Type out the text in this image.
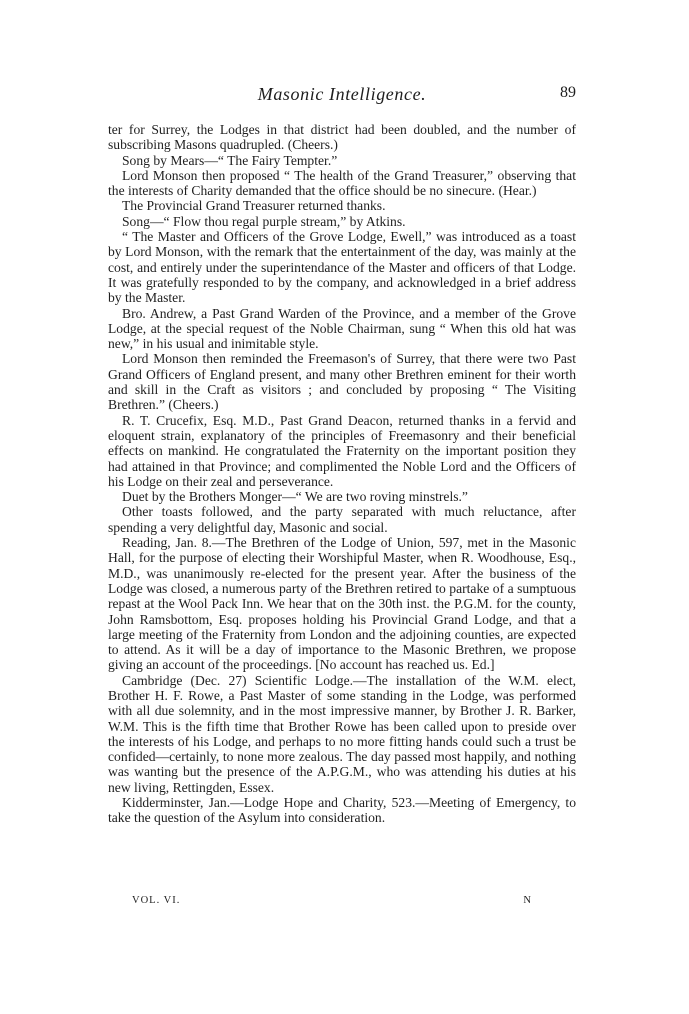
Masonic Intelligence.	89

ter for Surrey, the Lodges in that district had been doubled, and the number of subscribing Masons quadrupled. (Cheers.)

Song by Mears—“ The Fairy Tempter.”

Lord Monson then proposed “ The health of the Grand Treasurer,” observing that the interests of Charity demanded that the office should be no sinecure. (Hear.)

The Provincial Grand Treasurer returned thanks.

Song—“ Flow thou regal purple stream,” by Atkins.

“ The Master and Officers of the Grove Lodge, Ewell,” was introduced as a toast by Lord Monson, with the remark that the entertainment of the day, was mainly at the cost, and entirely under the superintendance of the Master and officers of that Lodge. It was gratefully responded to by the company, and acknowledged in a brief address by the Master.

Bro. Andrew, a Past Grand Warden of the Province, and a member of the Grove Lodge, at the special request of the Noble Chairman, sung “ When this old hat was new,” in his usual and inimitable style.

Lord Monson then reminded the Freemason's of Surrey, that there were two Past Grand Officers of England present, and many other Brethren eminent for their worth and skill in the Craft as visitors ; and concluded by proposing “ The Visiting Brethren.” (Cheers.)

R. T. Crucefix, Esq. M.D., Past Grand Deacon, returned thanks in a fervid and eloquent strain, explanatory of the principles of Freemasonry and their beneficial effects on mankind. He congratulated the Fraternity on the important position they had attained in that Province; and complimented the Noble Lord and the Officers of his Lodge on their zeal and perseverance.

Duet by the Brothers Monger—“ We are two roving minstrels.”

Other toasts followed, and the party separated with much reluctance, after spending a very delightful day, Masonic and social.

Reading, Jan. 8.—The Brethren of the Lodge of Union, 597, met in the Masonic Hall, for the purpose of electing their Worshipful Master, when R. Woodhouse, Esq., M.D., was unanimously re-elected for the present year. After the business of the Lodge was closed, a numerous party of the Brethren retired to partake of a sumptuous repast at the Wool Pack Inn. We hear that on the 30th inst. the P.G.M. for the county, John Ramsbottom, Esq. proposes holding his Provincial Grand Lodge, and that a large meeting of the Fraternity from London and the adjoining counties, are expected to attend. As it will be a day of importance to the Masonic Brethren, we propose giving an account of the proceedings. [No account has reached us. Ed.]

Cambridge (Dec. 27) Scientific Lodge.—The installation of the W.M. elect, Brother H. F. Rowe, a Past Master of some standing in the Lodge, was performed with all due solemnity, and in the most impressive manner, by Brother J. R. Barker, W.M. This is the fifth time that Brother Rowe has been called upon to preside over the interests of his Lodge, and perhaps to no more fitting hands could such a trust be confided—certainly, to none more zealous. The day passed most happily, and nothing was wanting but the presence of the A.P.G.M., who was attending his duties at his new living, Rettingden, Essex.

Kidderminster, Jan.—Lodge Hope and Charity, 523.—Meeting of Emergency, to take the question of the Asylum into consideration.

VOL. VI.	N
